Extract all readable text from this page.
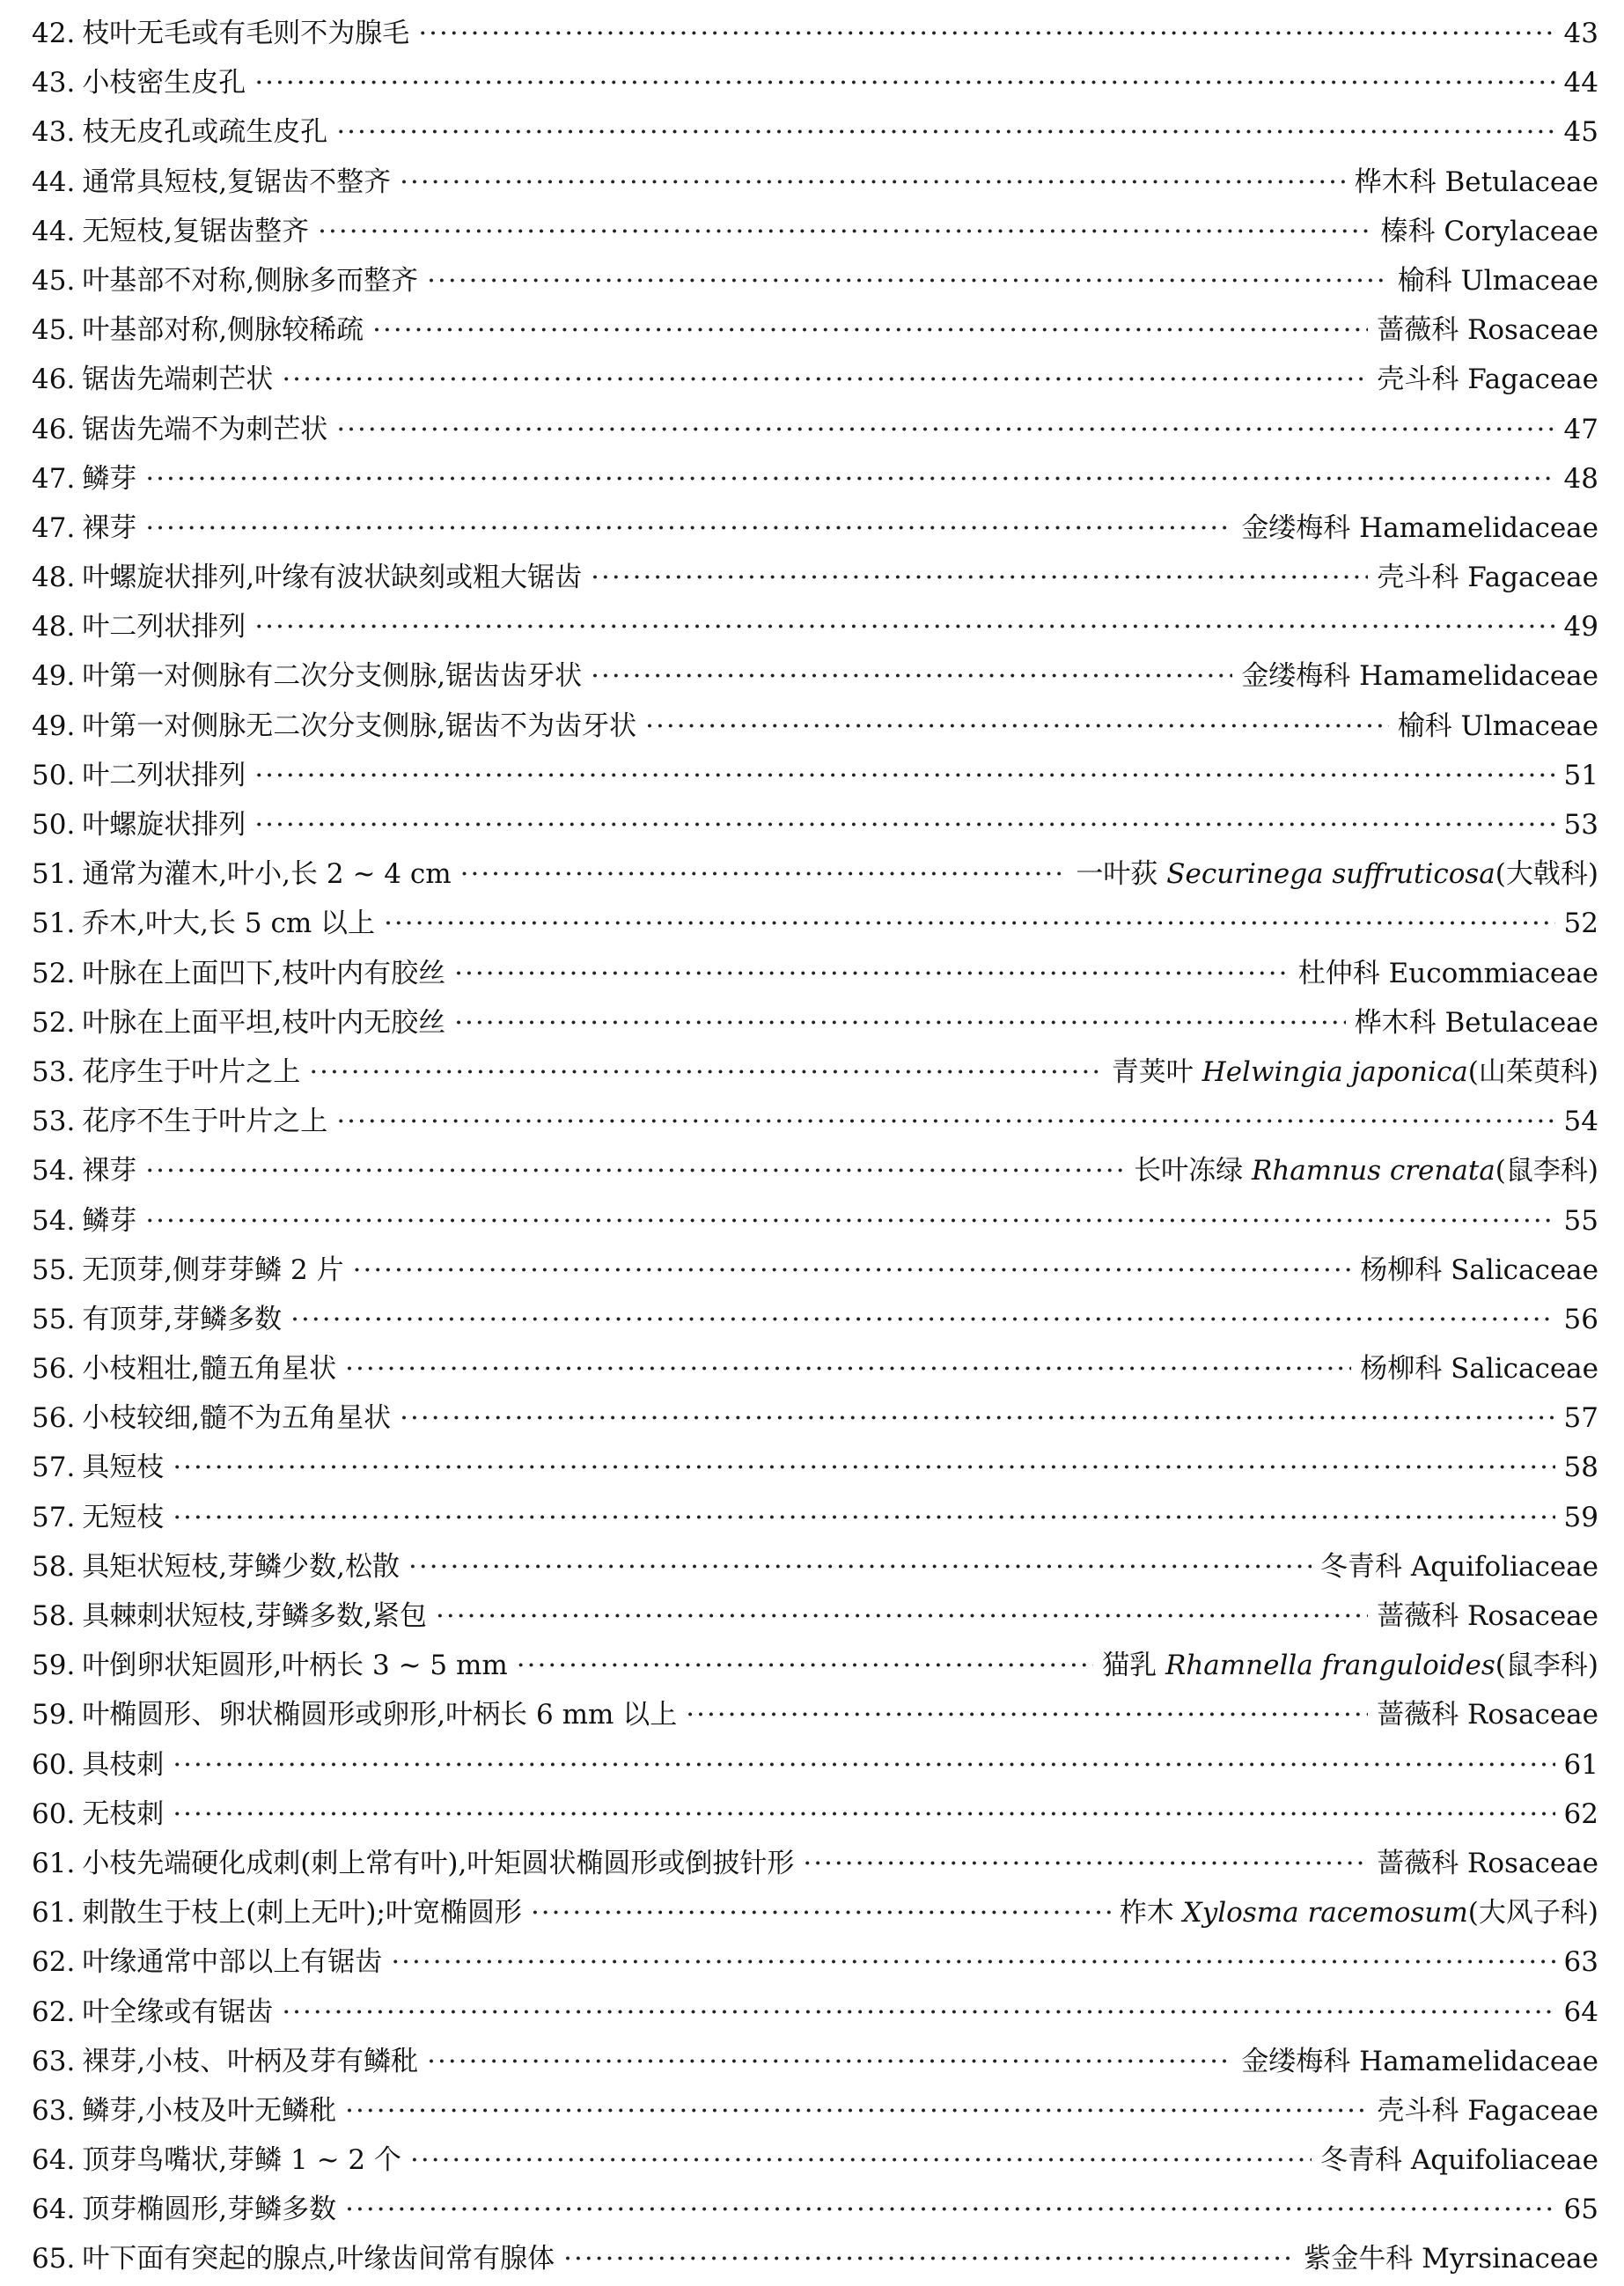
42. 枝叶无毛或有毛则不为腺毛 ·····	43
43. 小枝密生皮孔 ·····	44
43. 枝无皮孔或疏生皮孔 ·····	45
44. 通常具短枝,复锯齿不整齐 ·····	桦木科 Betulaceae
44. 无短枝,复锯齿整齐 ·····	榛科 Corylaceae
45. 叶基部不对称,侧脉多而整齐 ·····	榆科 Ulmaceae
45. 叶基部对称,侧脉较稀疏 ·····	蔷薇科 Rosaceae
46. 锯齿先端刺芒状 ·····	壳斗科 Fagaceae
46. 锯齿先端不为刺芒状 ·····	47
47. 鳞芽 ·····	48
47. 裸芽 ·····	金缕梅科 Hamamelidaceae
48. 叶螺旋状排列,叶缘有波状缺刻或粗大锯齿 ·····	壳斗科 Fagaceae
48. 叶二列状排列 ·····	49
49. 叶第一对侧脉有二次分支侧脉,锯齿齿牙状 ·····	金缕梅科 Hamamelidaceae
49. 叶第一对侧脉无二次分支侧脉,锯齿不为齿牙状 ·····	榆科 Ulmaceae
50. 叶二列状排列 ·····	51
50. 叶螺旋状排列 ·····	53
51. 通常为灌木,叶小,长 2 ~ 4 cm ·····	一叶荻 Securinega suffruticosa(大戟科)
51. 乔木,叶大,长 5 cm 以上 ·····	52
52. 叶脉在上面凹下,枝叶内有胶丝 ·····	杜仲科 Eucommiaceae
52. 叶脉在上面平坦,枝叶内无胶丝 ·····	桦木科 Betulaceae
53. 花序生于叶片之上 ·····	青荚叶 Helwingia japonica(山茱萸科)
53. 花序不生于叶片之上 ·····	54
54. 裸芽 ·····	长叶冻绿 Rhamnus crenata(鼠李科)
54. 鳞芽 ·····	55
55. 无顶芽,侧芽芽鳞 2 片 ·····	杨柳科 Salicaceae
55. 有顶芽,芽鳞多数 ·····	56
56. 小枝粗壮,髓五角星状 ·····	杨柳科 Salicaceae
56. 小枝较细,髓不为五角星状 ·····	57
57. 具短枝 ·····	58
57. 无短枝 ·····	59
58. 具矩状短枝,芽鳞少数,松散 ·····	冬青科 Aquifoliaceae
58. 具棘刺状短枝,芽鳞多数,紧包 ·····	蔷薇科 Rosaceae
59. 叶倒卵状矩圆形,叶柄长 3 ~ 5 mm ·····	猫乳 Rhamnella franguloides(鼠李科)
59. 叶椭圆形、卵状椭圆形或卵形,叶柄长 6 mm 以上 ·····	蔷薇科 Rosaceae
60. 具枝刺 ·····	61
60. 无枝刺 ·····	62
61. 小枝先端硬化成刺(刺上常有叶),叶矩圆状椭圆形或倒披针形 ·····	蔷薇科 Rosaceae
61. 刺散生于枝上(刺上无叶);叶宽椭圆形 ·····	柞木 Xylosma racemosum(大风子科)
62. 叶缘通常中部以上有锯齿 ·····	63
62. 叶全缘或有锯齿 ·····	64
63. 裸芽,小枝、叶柄及芽有鳞秕 ·····	金缕梅科 Hamamelidaceae
63. 鳞芽,小枝及叶无鳞秕 ·····	壳斗科 Fagaceae
64. 顶芽鸟嘴状,芽鳞 1 ~ 2 个 ·····	冬青科 Aquifoliaceae
64. 顶芽椭圆形,芽鳞多数 ·····	65
65. 叶下面有突起的腺点,叶缘齿间常有腺体 ·····	紫金牛科 Myrsinaceae
